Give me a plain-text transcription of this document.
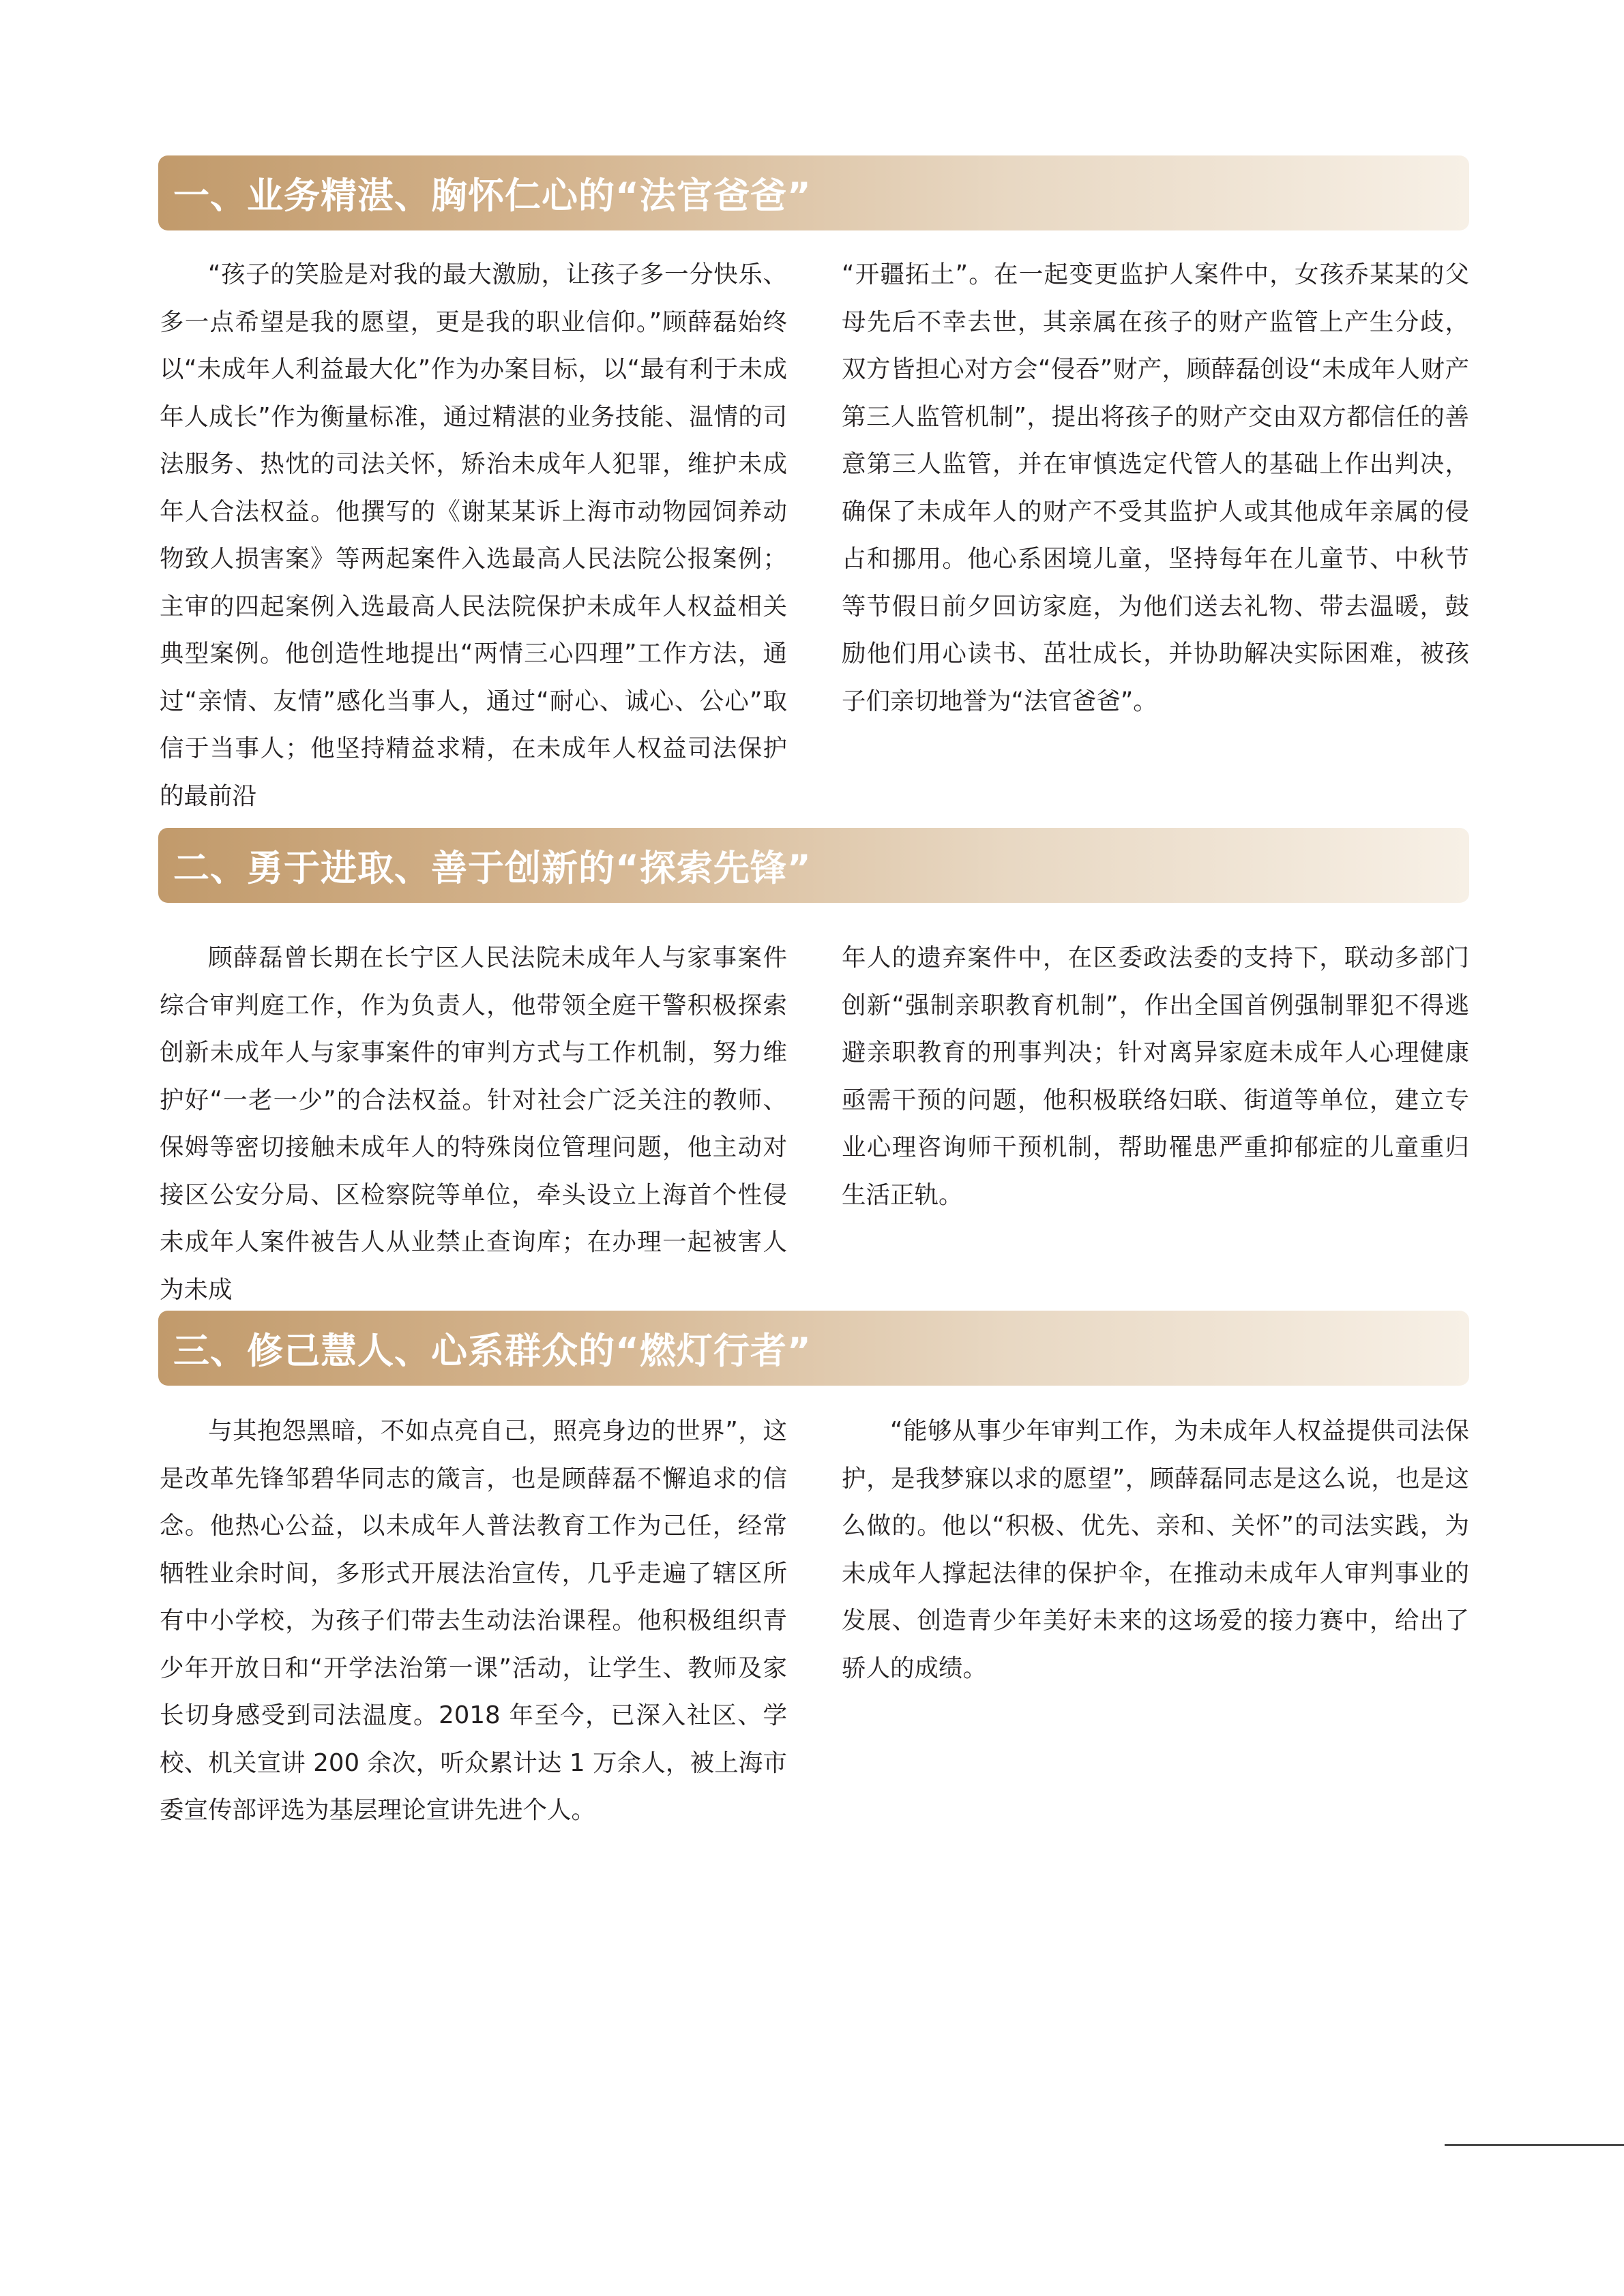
一、业务精湛、胸怀仁心的“法官爸爸”

“孩子的笑脸是对我的最大激励，让孩子多一分快乐、多一点希望是我的愿望，更是我的职业信仰。”顾薛磊始终以“未成年人利益最大化”作为办案目标，以“最有利于未成年人成长”作为衡量标准，通过精湛的业务技能、温情的司法服务、热忱的司法关怀，矫治未成年人犯罪，维护未成年人合法权益。他撰写的《谢某某诉上海市动物园饲养动物致人损害案》等两起案件入选最高人民法院公报案例；主审的四起案例入选最高人民法院保护未成年人权益相关典型案例。他创造性地提出“两情三心四理”工作方法，通过“亲情、友情”感化当事人，通过“耐心、诚心、公心”取信于当事人；他坚持精益求精，在未成年人权益司法保护的最前沿

“开疆拓土”。在一起变更监护人案件中，女孩乔某某的父母先后不幸去世，其亲属在孩子的财产监管上产生分歧，双方皆担心对方会“侵吞”财产，顾薛磊创设“未成年人财产第三人监管机制”，提出将孩子的财产交由双方都信任的善意第三人监管，并在审慎选定代管人的基础上作出判决，确保了未成年人的财产不受其监护人或其他成年亲属的侵占和挪用。他心系困境儿童，坚持每年在儿童节、中秋节等节假日前夕回访家庭，为他们送去礼物、带去温暖，鼓励他们用心读书、茁壮成长，并协助解决实际困难，被孩子们亲切地誉为“法官爸爸”。

二、勇于进取、善于创新的“探索先锋”

顾薛磊曾长期在长宁区人民法院未成年人与家事案件综合审判庭工作，作为负责人，他带领全庭干警积极探索创新未成年人与家事案件的审判方式与工作机制，努力维护好“一老一少”的合法权益。针对社会广泛关注的教师、保姆等密切接触未成年人的特殊岗位管理问题，他主动对接区公安分局、区检察院等单位，牵头设立上海首个性侵未成年人案件被告人从业禁止查询库；在办理一起被害人为未成

年人的遗弃案件中，在区委政法委的支持下，联动多部门创新“强制亲职教育机制”，作出全国首例强制罪犯不得逃避亲职教育的刑事判决；针对离异家庭未成年人心理健康亟需干预的问题，他积极联络妇联、街道等单位，建立专业心理咨询师干预机制，帮助罹患严重抑郁症的儿童重归生活正轨。

三、修己慧人、心系群众的“燃灯行者”

与其抱怨黑暗，不如点亮自己，照亮身边的世界”，这是改革先锋邹碧华同志的箴言，也是顾薛磊不懈追求的信念。他热心公益，以未成年人普法教育工作为己任，经常牺牲业余时间，多形式开展法治宣传，几乎走遍了辖区所有中小学校，为孩子们带去生动法治课程。他积极组织青少年开放日和“开学法治第一课”活动，让学生、教师及家长切身感受到司法温度。2018 年至今，已深入社区、学校、机关宣讲 200 余次，听众累计达 1 万余人，被上海市委宣传部评选为基层理论宣讲先进个人。

“能够从事少年审判工作，为未成年人权益提供司法保护，是我梦寐以求的愿望”，顾薛磊同志是这么说，也是这么做的。他以“积极、优先、亲和、关怀”的司法实践，为未成年人撑起法律的保护伞，在推动未成年人审判事业的发展、创造青少年美好未来的这场爱的接力赛中，给出了骄人的成绩。
